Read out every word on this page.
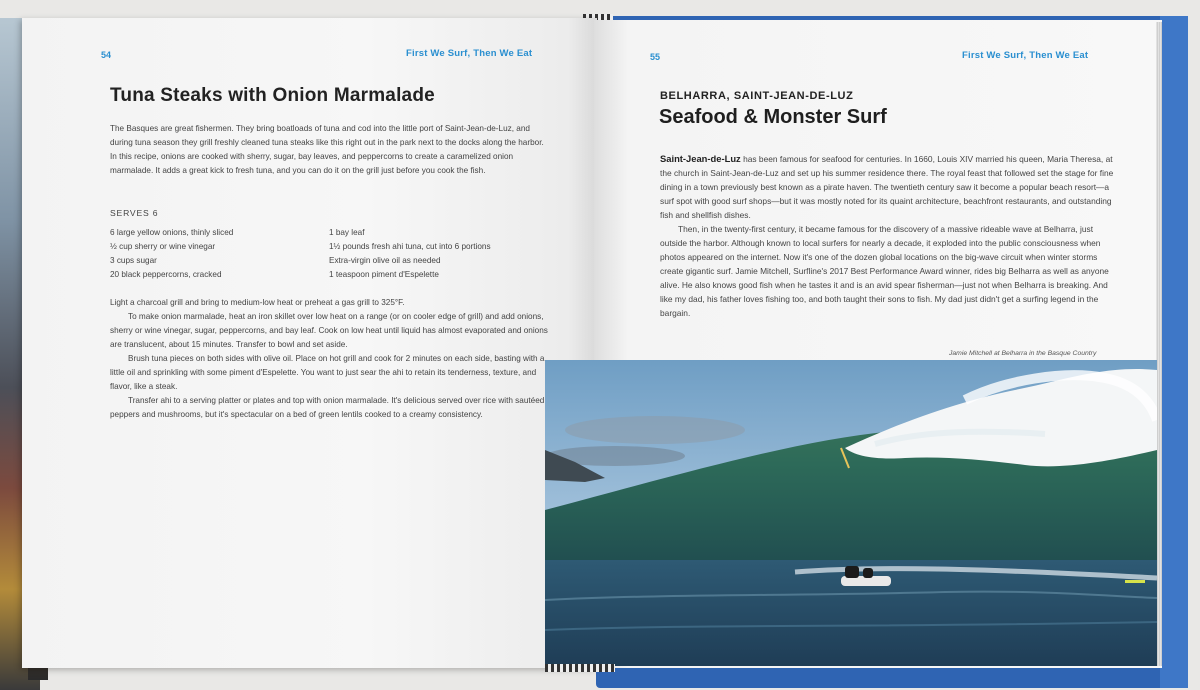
54	First We Surf, Then We Eat
Tuna Steaks with Onion Marmalade

The Basques are great fishermen. They bring boatloads of tuna and cod into the little port of Saint-Jean-de-Luz, and during tuna season they grill freshly cleaned tuna steaks like this right out in the park next to the docks along the harbor. In this recipe, onions are cooked with sherry, sugar, bay leaves, and peppercorns to create a caramelized onion marmalade. It adds a great kick to fresh tuna, and you can do it on the grill just before you cook the fish.

SERVES 6
6 large yellow onions, thinly sliced
½ cup sherry or wine vinegar
3 cups sugar
20 black peppercorns, cracked
1 bay leaf
1½ pounds fresh ahi tuna, cut into 6 portions
Extra-virgin olive oil as needed
1 teaspoon piment d'Espelette

Light a charcoal grill and bring to medium-low heat or preheat a gas grill to 325°F.

To make onion marmalade, heat an iron skillet over low heat on a range (or on cooler edge of grill) and add onions, sherry or wine vinegar, sugar, peppercorns, and bay leaf. Cook on low heat until liquid has almost evaporated and onions are translucent, about 15 minutes. Transfer to bowl and set aside.

Brush tuna pieces on both sides with olive oil. Place on hot grill and cook for 2 minutes on each side, basting with a little oil and sprinkling with some piment d'Espelette. You want to just sear the ahi to retain its tenderness, texture, and flavor, like a steak.

Transfer ahi to a serving platter or plates and top with onion marmalade. It's delicious served over rice with sautéed peppers and mushrooms, but it's spectacular on a bed of green lentils cooked to a creamy consistency.

55	First We Surf, Then We Eat
BELHARRA, SAINT-JEAN-DE-LUZ
Seafood & Monster Surf

Saint-Jean-de-Luz has been famous for seafood for centuries. In 1660, Louis XIV married his queen, Maria Theresa, at the church in Saint-Jean-de-Luz and set up his summer residence there. The royal feast that followed set the stage for fine dining in a town previously best known as a pirate haven. The twentieth century saw it become a popular beach resort—a surf spot with good surf shops—but it was mostly noted for its quaint architecture, beachfront restaurants, and outstanding fish and shellfish dishes.

Then, in the twenty-first century, it became famous for the discovery of a massive rideable wave at Belharra, just outside the harbor. Although known to local surfers for nearly a decade, it exploded into the public consciousness when photos appeared on the internet. Now it's one of the dozen global locations on the big-wave circuit when winter storms create gigantic surf. Jamie Mitchell, Surfline's 2017 Best Performance Award winner, rides big Belharra as well as anyone alive. He also knows good fish when he tastes it and is an avid spear fisherman—just not when Belharra is breaking. And like my dad, his father loves fishing too, and both taught their sons to fish. My dad just didn't get a surfing legend in the bargain.

Jamie Mitchell at Belharra in the Basque Country
